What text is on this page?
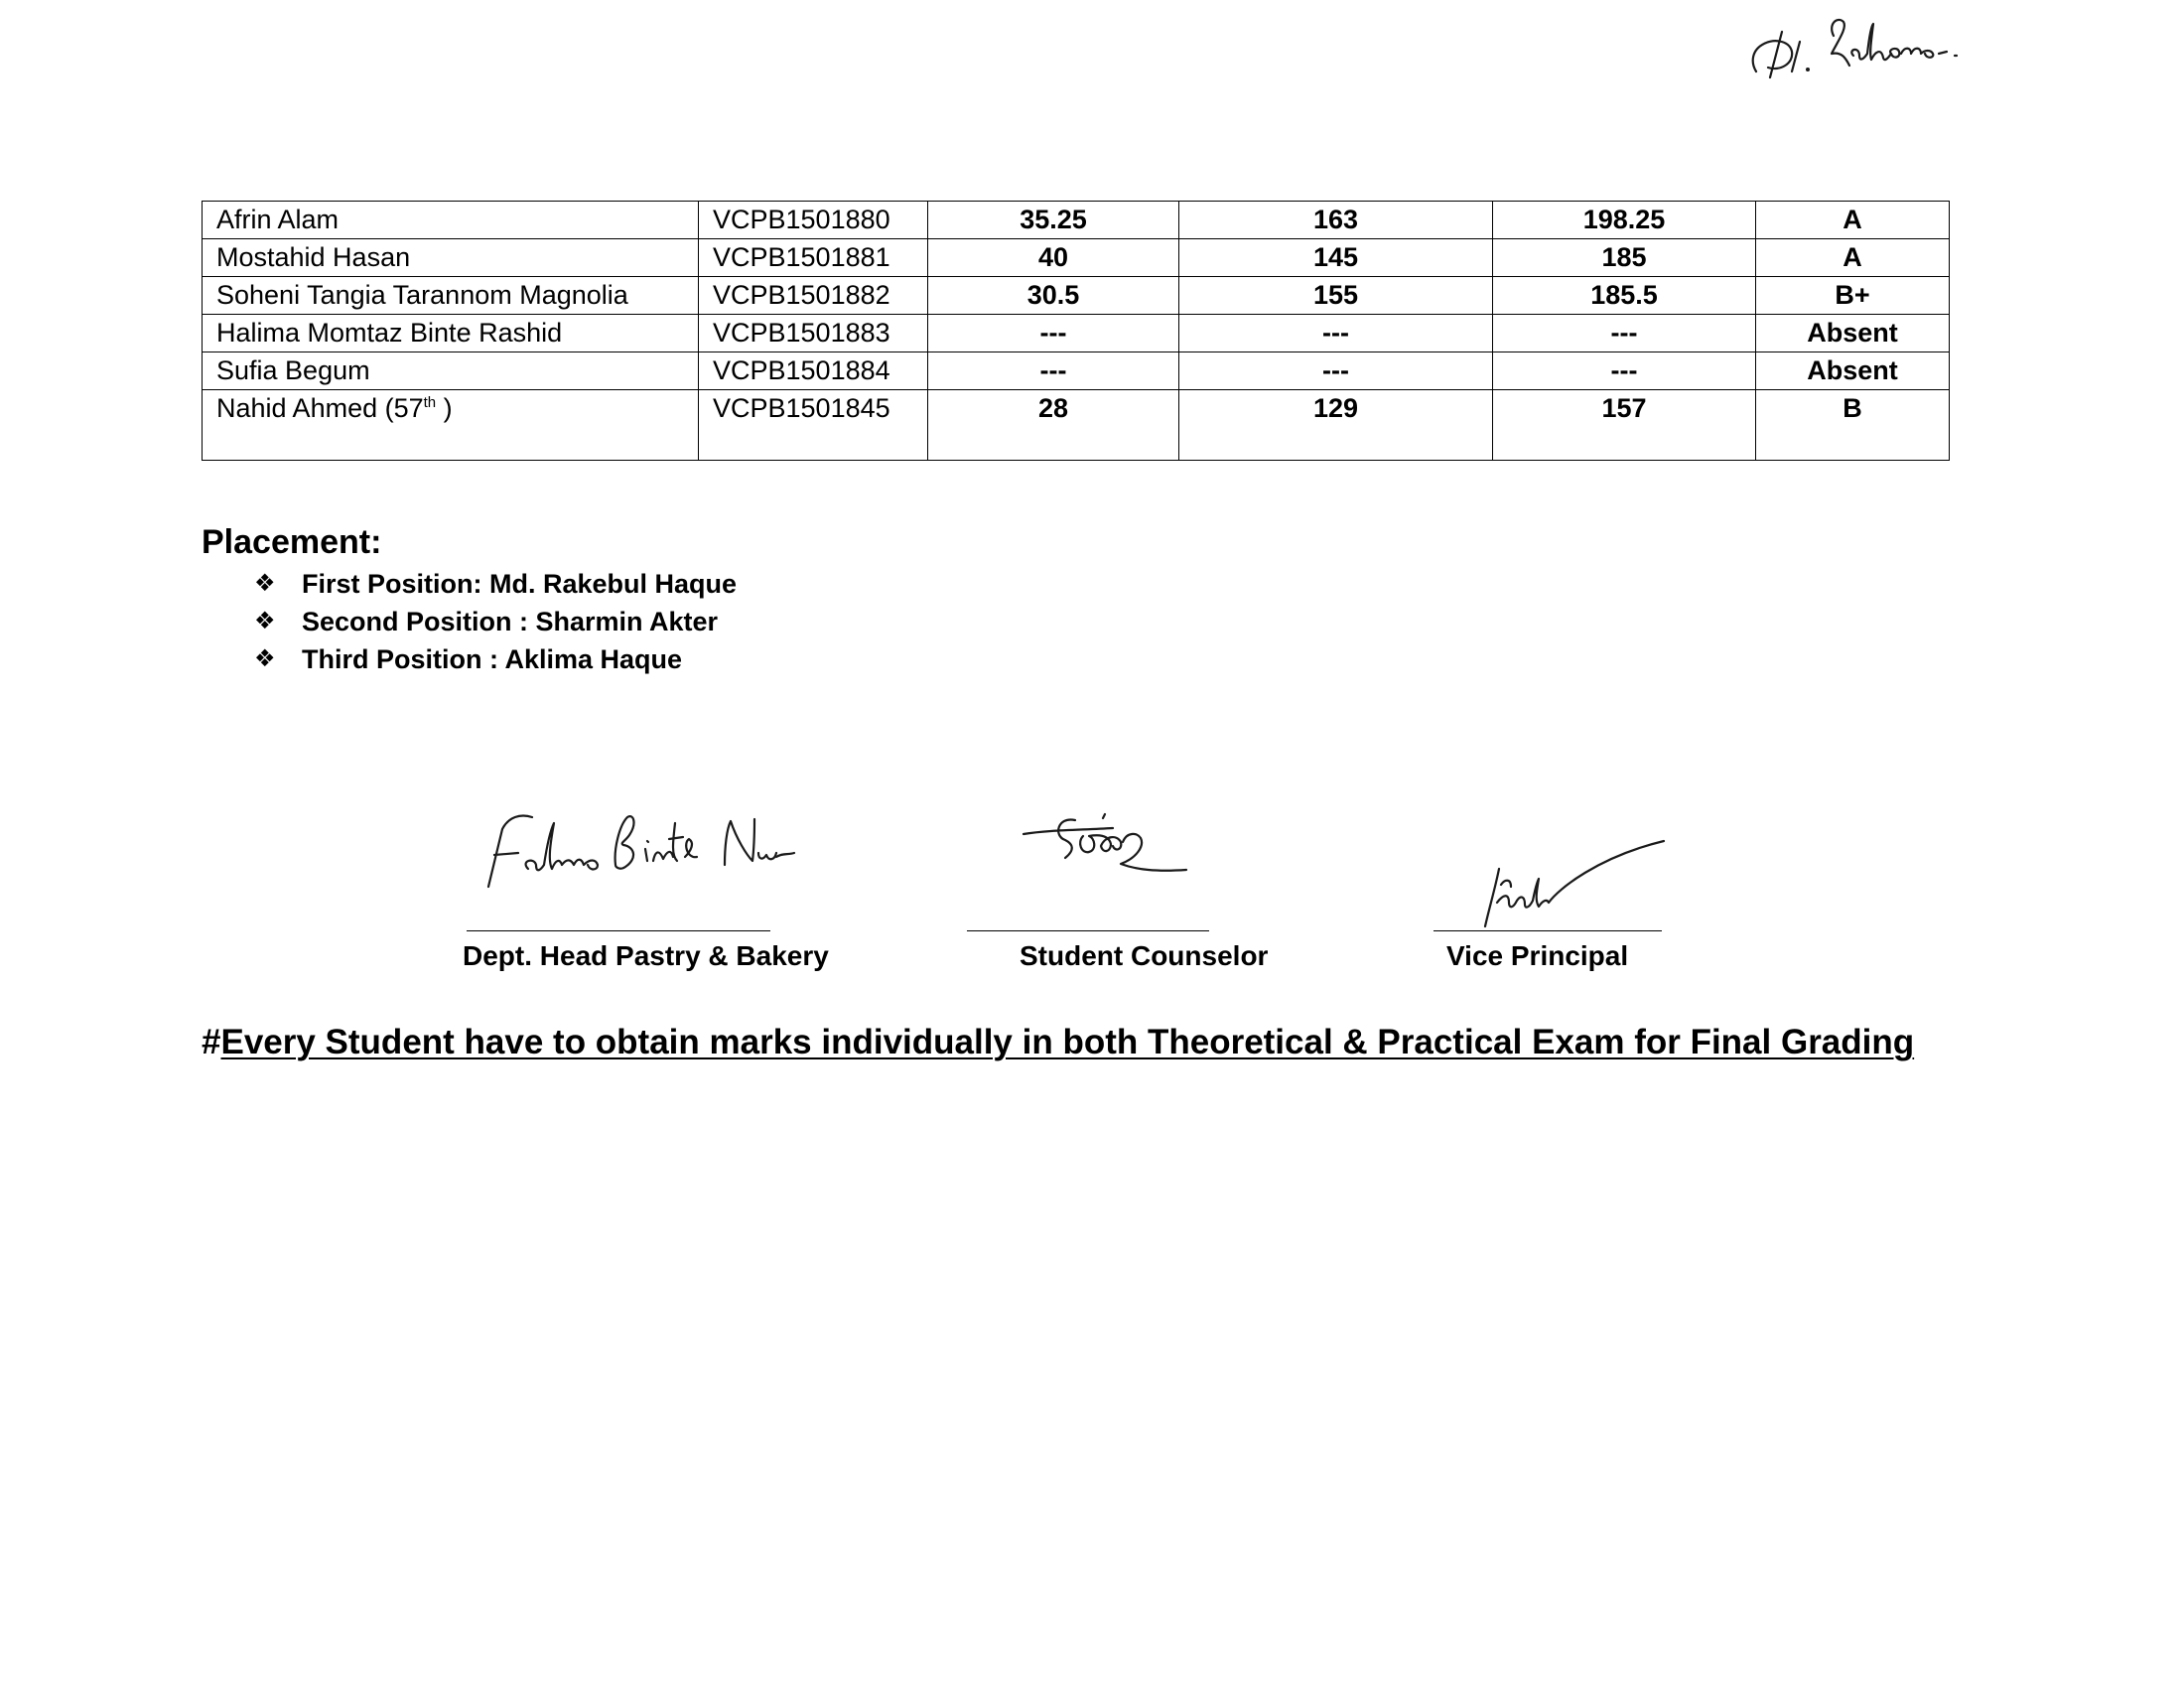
Afrin Alam	VCPB1501880	35.25	163	198.25	A
Mostahid Hasan	VCPB1501881	40	145	185	A
Soheni Tangia Tarannom Magnolia	VCPB1501882	30.5	155	185.5	B+
Halima Momtaz Binte Rashid	VCPB1501883	---	---	---	Absent
Sufia Begum	VCPB1501884	---	---	---	Absent
Nahid Ahmed (57th )	VCPB1501845	28	129	157	B
Placement:
❖ First Position: Md. Rakebul Haque
❖ Second Position : Sharmin Akter
❖ Third Position : Aklima Haque
Dept. Head Pastry & Bakery	Student Counselor	Vice Principal

#Every Student have to obtain marks individually in both Theoretical & Practical Exam for Final Grading
